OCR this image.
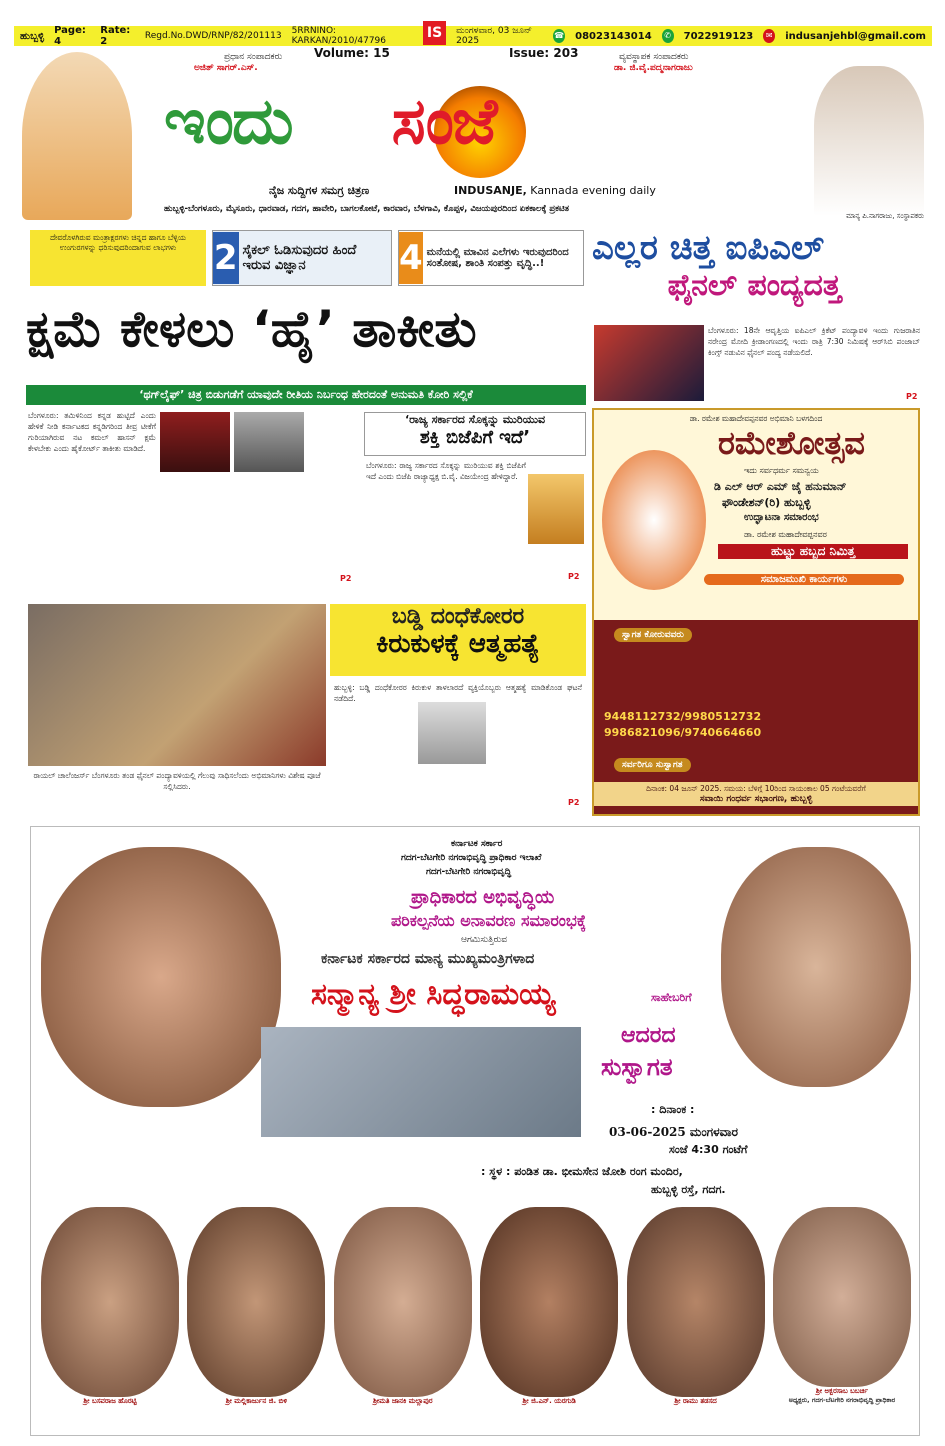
ಹುಬ್ಬಳ್ಳಿ Page: 4
Rate: 2	Regd.No.DWD/RNP/82/201113 5RRNINO: KARKAN/2010/47796	IS	ಮಂಗಳವಾರ, 03 ಜೂನ್ 2025
☎ 08023143014	✆ 7022919123	✉ indusanjehbl@gmail.com
Volume: 15	Issue: 203
ಪ್ರಧಾನ ಸಂಪಾದಕರು
ಅಜಿತ್ ಸಾಗರ್.ಎಸ್.
ವ್ಯವಸ್ಥಾಪಕ ಸಂಪಾದಕರು
ಡಾ. ಜಿ.ವೈ.ಪದ್ಮನಾಗರಾಜು
ಇಂದು ಸಂಜೆ
ನೈಜ ಸುದ್ದಿಗಳ ಸಮಗ್ರ ಚಿತ್ರಣ	INDUSANJE, Kannada evening daily
ಹುಬ್ಬಳ್ಳಿ-ಬೆಂಗಳೂರು, ಮೈಸೂರು, ಧಾರವಾಡ, ಗದಗ, ಹಾವೇರಿ, ಬಾಗಲಕೋಟೆ, ಕಾರವಾರ, ಬೆಳಗಾವಿ, ಕೊಪ್ಪಳ, ವಿಜಯಪುರದಿಂದ ಏಕಕಾಲಕ್ಕೆ ಪ್ರಕಟಿತ
ಮಾನ್ಯ ಪಿ.ನಾಗರಾಜು, ಸಂಸ್ಥಾಪಕರು
ದೇವರೊಳಗಿರುವ ಮಂತ್ರಾಕ್ಷರಗಳು ಚಿನ್ನದ ಹಾಗೂ ಬೆಳ್ಳಿಯ ಉಂಗುರಗಳನ್ನು ಧರಿಸುವುದರಿಂದಾಗುವ ಲಾಭಗಳು	2 ಸೈಕಲ್ ಓಡಿಸುವುದರ ಹಿಂದೆ ಇರುವ ವಿಜ್ಞಾನ	4 ಮನೆಯಲ್ಲಿ ಮಾವಿನ ಎಲೆಗಳು ಇರುವುದರಿಂದ ಸಂತೋಷ, ಶಾಂತಿ ಸಂಪತ್ತು ವೃದ್ಧಿ..!	ಎಲ್ಲರ ಚಿತ್ತ ಐಪಿಎಲ್
ಫೈನಲ್ ಪಂದ್ಯದತ್ತ
ಬೆಂಗಳೂರು: 18ನೇ ಆವೃತ್ತಿಯ ಐಪಿಎಲ್ ಕ್ರಿಕೆಟ್ ಪಂದ್ಯಾವಳಿ ಇಂದು ಗುಜರಾತಿನ ನರೇಂದ್ರ ಮೋದಿ ಕ್ರೀಡಾಂಗಣದಲ್ಲಿ ಇಂದು ರಾತ್ರಿ 7:30 ನಿಮಿಷಕ್ಕೆ ಆರ್‌ಸಿಬಿ ಪಂಜಾಬ್ ಕಿಂಗ್ಸ್ ನಡುವಿನ ಫೈನಲ್ ಪಂದ್ಯ ನಡೆಯಲಿದೆ.
P2
ಕ್ಷಮೆ ಕೇಳಲು ‘ಹೈ’ ತಾಕೀತು
‘ಥಗ್‌ಲೈಫ್’ ಚಿತ್ರ ಬಿಡುಗಡೆಗೆ ಯಾವುದೇ ರೀತಿಯ ನಿರ್ಬಂಧ ಹೇರದಂತೆ ಅನುಮತಿ ಕೋರಿ ಸಲ್ಲಿಕೆ
ಬೆಂಗಳೂರು: ತಮಿಳಿನಿಂದ ಕನ್ನಡ ಹುಟ್ಟಿದೆ ಎಂದು ಹೇಳಿಕೆ ನೀಡಿ ಕರ್ನಾಟಕದ ಕನ್ನಡಿಗರಿಂದ ತೀವ್ರ ಟೀಕೆಗೆ ಗುರಿಯಾಗಿರುವ ನಟ ಕಮಲ್ ಹಾಸನ್ ಕ್ಷಮೆ ಕೇಳಬೇಕು ಎಂದು ಹೈಕೋರ್ಟ್ ತಾಕೀತು ಮಾಡಿದೆ.
P2
‘ರಾಜ್ಯ ಸರ್ಕಾರದ ಸೊಕ್ಕನ್ನು ಮುರಿಯುವ
ಶಕ್ತಿ ಬಿಜೆಪಿಗೆ ಇದೆ’
ಬೆಂಗಳೂರು: ರಾಜ್ಯ ಸರ್ಕಾರದ ಸೊಕ್ಕನ್ನು ಮುರಿಯುವ ಶಕ್ತಿ ಬಿಜೆಪಿಗೆ ಇದೆ ಎಂದು ಬಿಜೆಪಿ ರಾಜ್ಯಾಧ್ಯಕ್ಷ ಬಿ.ವೈ. ವಿಜಯೇಂದ್ರ ಹೇಳಿದ್ದಾರೆ.
P2
ರಾಯಲ್ ಚಾಲೆಂಜರ್ಸ್ ಬೆಂಗಳೂರು ತಂಡ ಫೈನಲ್ ಪಂದ್ಯಾವಳಿಯಲ್ಲಿ ಗೆಲುವು ಸಾಧಿಸಲೆಂದು ಅಭಿಮಾನಿಗಳು ವಿಶೇಷ ಪೂಜೆ ಸಲ್ಲಿಸಿದರು.
ಬಡ್ಡಿ ದಂಧೆಕೋರರ
ಕಿರುಕುಳಕ್ಕೆ ಆತ್ಮಹತ್ಯೆ
ಹುಬ್ಬಳ್ಳಿ: ಬಡ್ಡಿ ದಂಧೆಕೋರರ ಕಿರುಕುಳ ತಾಳಲಾರದೆ ವ್ಯಕ್ತಿಯೊಬ್ಬರು ಆತ್ಮಹತ್ಯೆ ಮಾಡಿಕೊಂಡ ಘಟನೆ ನಡೆದಿದೆ.
P2
ಡಾ. ರಮೇಶ ಮಹಾದೇವಪ್ಪನವರ ಅಭಿಮಾನಿ ಬಳಗದಿಂದ
ರಮೇಶೋತ್ಸವ
ಇದು ಸರ್ವಧರ್ಮ ಸಮನ್ವಯ
ಡಿ ಎಲ್ ಆರ್ ಎಮ್ ಜೈ ಹನುಮಾನ್
ಫೌಂಡೇಶನ್(ರಿ) ಹುಬ್ಬಳ್ಳಿ
ಉದ್ಘಾಟನಾ ಸಮಾರಂಭ
ಡಾ. ರಮೇಶ ಮಹಾದೇವಪ್ಪನವರ
ಹುಟ್ಟು ಹಬ್ಬದ ನಿಮಿತ್ತ
ಸಮಾಜಮುಖಿ ಕಾರ್ಯಗಳು
ಸ್ವಾಗತ ಕೋರುವವರು
9448112732/9980512732
9986821096/9740664660
ಸರ್ವರಿಗೂ ಸುಸ್ವಾಗತ
ದಿನಾಂಕ: 04 ಜೂನ್ 2025. ಸಮಯ: ಬೆಳಿಗ್ಗೆ 10ರಿಂದ ಸಾಯಂಕಾಲ 05 ಗಂಟೆಯವರೆಗೆ
ಸವಾಯಿ ಗಂಧರ್ವ ಸಭಾಂಗಣ, ಹುಬ್ಬಳ್ಳಿ
ಕರ್ನಾಟಕ ಸರ್ಕಾರ
ಗದಗ-ಬೆಟಗೇರಿ ನಗರಾಭಿವೃದ್ಧಿ ಪ್ರಾಧಿಕಾರ ಇಲಾಖೆ
ಗದಗ-ಬೆಟಗೇರಿ ನಗರಾಭಿವೃದ್ಧಿ
ಪ್ರಾಧಿಕಾರದ ಅಭಿವೃದ್ಧಿಯ
ಪರಿಕಲ್ಪನೆಯ ಅನಾವರಣ ಸಮಾರಂಭಕ್ಕೆ
ಆಗಮಿಸುತ್ತಿರುವ
ಕರ್ನಾಟಕ ಸರ್ಕಾರದ ಮಾನ್ಯ ಮುಖ್ಯಮಂತ್ರಿಗಳಾದ
ಸನ್ಮಾನ್ಯ ಶ್ರೀ ಸಿದ್ಧರಾಮಯ್ಯ	ಸಾಹೇಬರಿಗೆ
ಆದರದ
ಸುಸ್ವಾಗತ
: ದಿನಾಂಕ :
03-06-2025 ಮಂಗಳವಾರ
ಸಂಜೆ 4:30 ಗಂಟೆಗೆ
: ಸ್ಥಳ : ಪಂಡಿತ ಡಾ. ಭೀಮಸೇನ ಜೋಶಿ ರಂಗ ಮಂದಿರ,
ಹುಬ್ಬಳ್ಳಿ ರಸ್ತೆ, ಗದಗ.
ಶ್ರೀ ಬಸವರಾಜ ಹೊರಟ್ಟಿ	ಶ್ರೀ ಮಲ್ಲಿಕಾರ್ಜುನ ಜಿ. ಬಿಳಿ	ಶ್ರೀಮತಿ ಜಾನಕಿ ಮಲ್ಲಾಪುರ	ಶ್ರೀ ಜಿ.ಎನ್. ಯರಗುಡಿ	ಶ್ರೀ ರಾಮು ತಡಸದ
ಶ್ರೀ ಅಕ್ಬರಸಾಬ ಬಬರ್ಚಿ
ಅಧ್ಯಕ್ಷರು, ಗದಗ-ಬೆಟಗೇರಿ ನಗರಾಭಿವೃದ್ಧಿ ಪ್ರಾಧಿಕಾರ
